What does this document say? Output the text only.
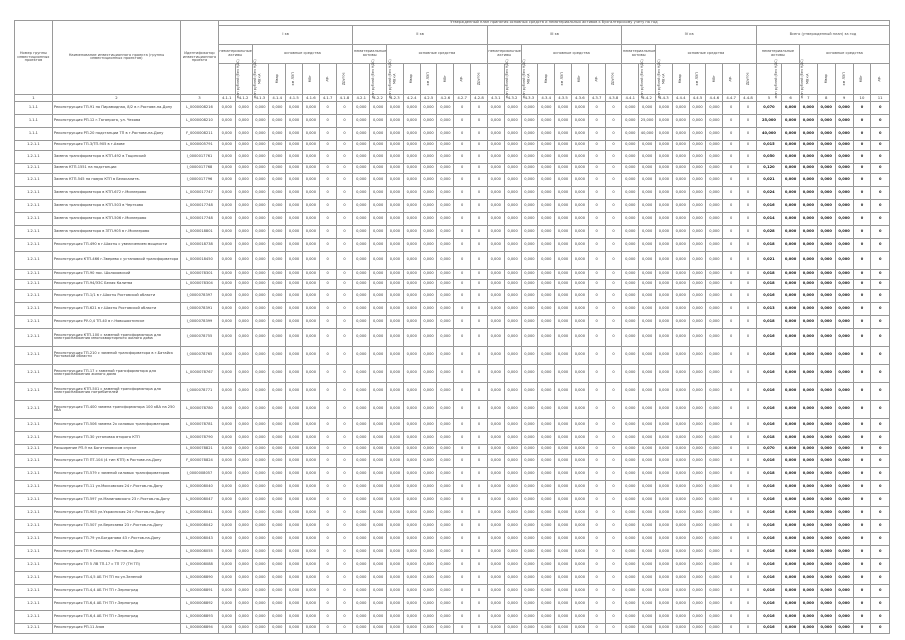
Номер группы инвестиционных проектов	Наименование инвестиционного проекта (группы инвестиционных проектов)	Идентификатор инвестиционного проекта	Утвержденный план принятия основных средств и нематериальных активов к бухгалтерскому учету на год																																						
			I кв								II кв								III кв								IV кв								Всего (утвержденный план) за год						
			нематериальные активы		основные средства						нематериальные активы		основные средства						нематериальные активы		основные средства						нематериальные активы		основные средства						нематериальные активы		основные средства				
			млн рублей (без НДС)	млн рублей (без НДС)	МВ×А	Мвар	км ЛЭП	МВт	др.	Другое	млн рублей (без НДС)	млн рублей (без НДС)	МВ×А	Мвар	км ЛЭП	МВт	др.	Другое	млн рублей (без НДС)	млн рублей (без НДС)	МВ×А	Мвар	км ЛЭП	МВт	др.	Другое	млн рублей (без НДС)	млн рублей (без НДС)	МВ×А	Мвар	км ЛЭП	МВт	др.	Другое	млн рублей (без НДС)	млн рублей (без НДС)	МВ×А	Мвар	км ЛЭП	МВт	др.
1	2	3	4.1.1	4.1.2	4.1.3	4.1.4	4.1.5	4.1.6	4.1.7	4.1.8	4.2.1	4.2.2	4.2.3	4.2.4	4.2.5	4.2.6	4.2.7	4.2.8	4.3.1	4.3.2	4.3.3	4.3.4	4.3.5	4.3.6	4.3.7	4.3.8	4.4.1	4.4.2	4.4.3	4.4.4	4.4.5	4.4.6	4.4.7	4.4.8	5	6	7	8	9	10	11
1.1.1	Реконструкция ТП-91 по Пирамидная, 8/2 в г.Ростове-на-Дону	L_0000008216	0,000	0,000	0,000	0,000	0,000	0,000	0	0	0,000	0,000	0,000	0,000	0,000	0,000	0	0	0,000	0,000	0,000	0,000	0,000	0,000	0	0	0,000	0,000	0,000	0,000	0,000	0,000	0	0	0,070	0,000	0,000	0,000	0,000	0	0
1.1.1	Реконструкция РП-12 г.Таганрогa, ул. Чехова	L_0000008210	0,000	0,000	0,000	0,000	0,000	0,000	0	0	0,000	0,000	0,000	0,000	0,000	0,000	0	0	0,000	0,000	0,000	0,000	0,000	0,000	0	0	0,000	25,000	0,000	0,000	0,000	0,000	0	0	25,000	0,000	0,000	0,000	0,000	0	0
1.1.1	Реконструкция РП-20 подстанции ТП в г.Ростове-на-Дону	F_0000008211	0,000	0,000	0,000	0,000	0,000	0,000	0	0	0,000	0,000	0,000	0,000	0,000	0,000	0	0	0,000	0,000	0,000	0,000	0,000	0,000	0	0	0,000	40,000	0,000	0,000	0,000	0,000	0	0	40,000	0,000	0,000	0,000	0,000	0	0
1.2.1.1	Реконструкция ТП-3/ТП-905 в г.Азове	L_0000005791	0,000	0,000	0,000	0,000	0,000	0,000	0	0	0,000	0,000	0,000	0,000	0,000	0,000	0	0	0,000	0,000	0,000	0,000	0,000	0,000	0	0	0,000	0,000	0,000	0,000	0,000	0,000	0	0	0,015	0,000	0,000	0,000	0,000	0	0
1.2.1.1	Замена трансформатора в КТП-492 в Тацинский	I_0000017761	0,000	0,000	0,000	0,000	0,000	0,000	0	0	0,000	0,000	0,000	0,000	0,000	0,000	0	0	0,000	0,000	0,000	0,000	0,000	0,000	0	0	0,000	0,000	0,000	0,000	0,000	0,000	0	0	0,050	0,000	0,000	0,000	0,000	0	0
1.2.1.1	Замена КТП-1551 на подстанции	I_0000017768	0,000	0,000	0,000	0,000	0,000	0,000	0	0	0,000	0,000	0,000	0,000	0,000	0,000	0	0	0,000	0,000	0,000	0,000	0,000	0,000	0	0	0,000	0,000	0,000	0,000	0,000	0,000	0	0	0,120	0,000	0,000	0,000	0,000	0	0
1.2.1.1	Замена КТП-545 на новую КТП в Белокалитв.	I_0000017796	0,000	0,000	0,000	0,000	0,000	0,000	0	0	0,000	0,000	0,000	0,000	0,000	0,000	0	0	0,000	0,000	0,000	0,000	0,000	0,000	0	0	0,000	0,000	0,000	0,000	0,000	0,000	0	0	0,021	0,000	0,000	0,000	0,000	0	0
1.2.1.1	Замена трансформатора в КТП-672 г.Миллерово	L_0000017747	0,000	0,000	0,000	0,000	0,000	0,000	0	0	0,000	0,000	0,000	0,000	0,000	0,000	0	0	0,000	0,000	0,000	0,000	0,000	0,000	0	0	0,000	0,000	0,000	0,000	0,000	0,000	0	0	0,024	0,000	0,000	0,000	0,000	0	0
1.2.1.1	Замена трансформатора в КТП-503 в Чертково	L_0000017748	0,000	0,000	0,000	0,000	0,000	0,000	0	0	0,000	0,000	0,000	0,000	0,000	0,000	0	0	0,000	0,000	0,000	0,000	0,000	0,000	0	0	0,000	0,000	0,000	0,000	0,000	0,000	0	0	0,016	0,000	0,000	0,000	0,000	0	0
1.2.1.1	Замена трансформатора в КТП-506 г.Миллерово	L_0000017748	0,000	0,000	0,000	0,000	0,000	0,000	0	0	0,000	0,000	0,000	0,000	0,000	0,000	0	0	0,000	0,000	0,000	0,000	0,000	0,000	0	0	0,000	0,000	0,000	0,000	0,000	0,000	0	0	0,014	0,000	0,000	0,000	0,000	0	0
1.2.1.1	Замена трансформатора в ЗТП-905 в г.Миллерово	L_0000018801	0,000	0,000	0,000	0,000	0,000	0,000	0	0	0,000	0,000	0,000	0,000	0,000	0,000	0	0	0,000	0,000	0,000	0,000	0,000	0,000	0	0	0,000	0,000	0,000	0,000	0,000	0,000	0	0	0,028	0,000	0,000	0,000	0,000	0	0
1.2.1.1	Реконструкция ТП-490 в г.Шахты с увеличением мощности	L_0000018738	0,000	0,000	0,000	0,000	0,000	0,000	0	0	0,000	0,000	0,000	0,000	0,000	0,000	0	0	0,000	0,000	0,000	0,000	0,000	0,000	0	0	0,000	0,000	0,000	0,000	0,000	0,000	0	0	0,018	0,000	0,000	0,000	0,000	0	0
1.2.1.1	Реконструкция КТП-466 г.Зверево с установкой трансформатора	L_0000018450	0,000	0,000	0,000	0,000	0,000	0,000	0	0	0,000	0,000	0,000	0,000	0,000	0,000	0	0	0,000	0,000	0,000	0,000	0,000	0,000	0	0	0,000	0,000	0,000	0,000	0,000	0,000	0	0	0,021	0,000	0,000	0,000	0,000	0	0
1.2.1.1	Реконструкция ТП-90 пос. Шолоховский	L_0000078301	0,000	0,000	0,000	0,000	0,000	0,000	0	0	0,000	0,000	0,000	0,000	0,000	0,000	0	0	0,000	0,000	0,000	0,000	0,000	0,000	0	0	0,000	0,000	0,000	0,000	0,000	0,000	0	0	0,018	0,000	0,000	0,000	0,000	0	0
1.2.1.1	Реконструкция ТП-94/ЭЗС Белая Калитва	L_0000078304	0,000	0,000	0,000	0,000	0,000	0,000	0	0	0,000	0,000	0,000	0,000	0,000	0,000	0	0	0,000	0,000	0,000	0,000	0,000	0,000	0	0	0,000	0,000	0,000	0,000	0,000	0,000	0	0	0,018	0,000	0,000	0,000	0,000	0	0
1.2.1.1	Реконструкция ТП-1/1 в г.Шахты Ростовской области	I_0000078397	0,000	0,000	0,000	0,000	0,000	0,000	0	0	0,000	0,000	0,000	0,000	0,000	0,000	0	0	0,000	0,000	0,000	0,000	0,000	0,000	0	0	0,000	0,000	0,000	0,000	0,000	0,000	0	0	0,016	0,000	0,000	0,000	0,000	0	0
1.2.1.1	Реконструкция ТП-621 в г.Шахты Ростовской области	I_0000078391	0,000	0,000	0,000	0,000	0,000	0,000	0	0	0,000	0,000	0,000	0,000	0,000	0,000	0	0	0,000	0,000	0,000	0,000	0,000	0,000	0	0	0,000	0,000	0,000	0,000	0,000	0,000	0	0	0,013	0,000	0,000	0,000	0,000	0	0
1.2.1.1	Реконструкция РУ-0,4 ТП-40 в г.Новошахтинске	I_0000078399	0,000	0,000	0,000	0,000	0,000	0,000	0	0	0,000	0,000	0,000	0,000	0,000	0,000	0	0	0,000	0,000	0,000	0,000	0,000	0,000	0	0	0,000	0,000	0,000	0,000	0,000	0,000	0	0	0,018	0,000	0,000	0,000	0,000	0	0
1.2.1.1	Реконструкция КТП-100 с заменой трансформатора для электроснабжения многоквартирного жилого дома	I_0000078755	0,000	0,000	0,000	0,000	0,000	0,000	0	0	0,000	0,000	0,000	0,000	0,000	0,000	0	0	0,000	0,000	0,000	0,000	0,000	0,000	0	0	0,000	0,000	0,000	0,000	0,000	0,000	0	0	0,016	0,000	0,000	0,000	0,000	0	0
1.2.1.1	Реконструкция ТП-210 с заменой трансформатора в г.Батайск Ростовской области	I_0000078765	0,000	0,000	0,000	0,000	0,000	0,000	0	0	0,000	0,000	0,000	0,000	0,000	0,000	0	0	0,000	0,000	0,000	0,000	0,000	0,000	0	0	0,000	0,000	0,000	0,000	0,000	0,000	0	0	0,016	0,000	0,000	0,000	0,000	0	0
1.2.1.1	Реконструкция ТП-17 с заменой трансформатора для электроснабжения жилого дома	L_0000078767	0,000	0,000	0,000	0,000	0,000	0,000	0	0	0,000	0,000	0,000	0,000	0,000	0,000	0	0	0,000	0,000	0,000	0,000	0,000	0,000	0	0	0,000	0,000	0,000	0,000	0,000	0,000	0	0	0,016	0,000	0,000	0,000	0,000	0	0
1.2.1.1	Реконструкция КТП-501 с заменой трансформатора для электроснабжения потребителей	I_0000078771	0,000	0,000	0,000	0,000	0,000	0,000	0	0	0,000	0,000	0,000	0,000	0,000	0,000	0	0	0,000	0,000	0,000	0,000	0,000	0,000	0	0	0,000	0,000	0,000	0,000	0,000	0,000	0	0	0,016	0,000	0,000	0,000	0,000	0	0
1.2.1.1	Реконструкция ТП-400 замена трансформатора 100 кВА на 250 кВА	L_0000078780	0,000	0,000	0,000	0,000	0,000	0,000	0	0	0,000	0,000	0,000	0,000	0,000	0,000	0	0	0,000	0,000	0,000	0,000	0,000	0,000	0	0	0,000	0,000	0,000	0,000	0,000	0,000	0	0	0,016	0,000	0,000	0,000	0,000	0	0
1.2.1.1	Реконструкция ТП-506 замена 2х силовых трансформаторов	L_0000078781	0,000	0,000	0,000	0,000	0,000	0,000	0	0	0,000	0,000	0,000	0,000	0,000	0,000	0	0	0,000	0,000	0,000	0,000	0,000	0,000	0	0	0,000	0,000	0,000	0,000	0,000	0,000	0	0	0,016	0,000	0,000	0,000	0,000	0	0
1.2.1.1	Реконструкция ТП-30 установка второго КТП	L_0000078790	0,000	0,000	0,000	0,000	0,000	0,000	0	0	0,000	0,000	0,000	0,000	0,000	0,000	0	0	0,000	0,000	0,000	0,000	0,000	0,000	0	0	0,000	0,000	0,000	0,000	0,000	0,000	0	0	0,018	0,000	0,000	0,000	0,000	0	0
1.2.1.1	Расширение РП-9 на Богатяновском спуске	L_0000078821	0,000	0,000	0,000	0,000	0,000	0,000	0	0	0,000	0,000	0,000	0,000	0,000	0,000	0	0	0,000	0,000	0,000	0,000	0,000	0,000	0	0	0,000	0,000	0,000	0,000	0,000	0,000	0	0	0,070	0,000	0,000	0,000	0,000	0	0
1.2.1.1	Реконструкция ТП ПТ-104 (4 тип КТП) в Ростове-на-Дону	F_0000078824	0,000	0,000	0,000	0,000	0,000	0,000	0	0	0,000	0,000	0,000	0,000	0,000	0,000	0	0	0,000	0,000	0,000	0,000	0,000	0,000	0	0	0,000	0,000	0,000	0,000	0,000	0,000	0	0	0,016	0,000	0,000	0,000	0,000	0	0
1.2.1.1	Реконструкция ТП-579 с заменой силовых трансформаторов	I_0000008057	0,000	0,000	0,000	0,000	0,000	0,000	0	0	0,000	0,000	0,000	0,000	0,000	0,000	0	0	0,000	0,000	0,000	0,000	0,000	0,000	0	0	0,000	0,000	0,000	0,000	0,000	0,000	0	0	0,018	0,000	0,000	0,000	0,000	0	0
1.2.1.1	Реконструкция ТП-11 ул.Московская 24 г.Ростов-на-Дону	L_0000008040	0,000	0,000	0,000	0,000	0,000	0,000	0	0	0,000	0,000	0,000	0,000	0,000	0,000	0	0	0,000	0,000	0,000	0,000	0,000	0,000	0	0	0,000	0,000	0,000	0,000	0,000	0,000	0	0	0,016	0,000	0,000	0,000	0,000	0	0
1.2.1.1	Реконструкция ТП-597 ул.Малиновского 23 г.Ростов-на-Дону	L_0000008047	0,000	0,000	0,000	0,000	0,000	0,000	0	0	0,000	0,000	0,000	0,000	0,000	0,000	0	0	0,000	0,000	0,000	0,000	0,000	0,000	0	0	0,000	0,000	0,000	0,000	0,000	0,000	0	0	0,016	0,000	0,000	0,000	0,000	0	0
1.2.1.1	Реконструкция ТП-903 ул.Украинская 24 г.Ростов-на-Дону	L_0000008041	0,000	0,000	0,000	0,000	0,000	0,000	0	0	0,000	0,000	0,000	0,000	0,000	0,000	0	0	0,000	0,000	0,000	0,000	0,000	0,000	0	0	0,000	0,000	0,000	0,000	0,000	0,000	0	0	0,016	0,000	0,000	0,000	0,000	0	0
1.2.1.1	Реконструкция ТП-507 ул.Вересаева 23 г.Ростов-на-Дону	L_0000008042	0,000	0,000	0,000	0,000	0,000	0,000	0	0	0,000	0,000	0,000	0,000	0,000	0,000	0	0	0,000	0,000	0,000	0,000	0,000	0,000	0	0	0,000	0,000	0,000	0,000	0,000	0,000	0	0	0,016	0,000	0,000	0,000	0,000	0	0
1.2.1.1	Реконструкция ТП-79 ул.Богданова 43 г.Ростов-на-Дону	L_0000008043	0,000	0,000	0,000	0,000	0,000	0,000	0	0	0,000	0,000	0,000	0,000	0,000	0,000	0	0	0,000	0,000	0,000	0,000	0,000	0,000	0	0	0,000	0,000	0,000	0,000	0,000	0,000	0	0	0,016	0,000	0,000	0,000	0,000	0	0
1.2.1.1	Реконструкция ТП 9 Сельмаш г.Ростов-на-Дону	L_0000008055	0,000	0,000	0,000	0,000	0,000	0,000	0	0	0,000	0,000	0,000	0,000	0,000	0,000	0	0	0,000	0,000	0,000	0,000	0,000	0,000	0	0	0,000	0,000	0,000	0,000	0,000	0,000	0	0	0,016	0,000	0,000	0,000	0,000	0	0
1.2.1.1	Реконструкция ТП 5 ЛВ ТП-17 с ТП 77 (ТН ТП)	L_0000008088	0,000	0,000	0,000	0,000	0,000	0,000	0	0	0,000	0,000	0,000	0,000	0,000	0,000	0	0	0,000	0,000	0,000	0,000	0,000	0,000	0	0	0,000	0,000	0,000	0,000	0,000	0,000	0	0	0,016	0,000	0,000	0,000	0,000	0	0
1.2.1.1	Реконструкция ТП-4,5 АБ ТН ТП по ул.Зеленой	L_0000008890	0,000	0,000	0,000	0,000	0,000	0,000	0	0	0,000	0,000	0,000	0,000	0,000	0,000	0	0	0,000	0,000	0,000	0,000	0,000	0,000	0	0	0,000	0,000	0,000	0,000	0,000	0,000	0	0	0,016	0,000	0,000	0,000	0,000	0	0
1.2.1.1	Реконструкция ТП-4,4 АБ ТН ТП г.Зерноград	L_0000008891	0,000	0,000	0,000	0,000	0,000	0,000	0	0	0,000	0,000	0,000	0,000	0,000	0,000	0	0	0,000	0,000	0,000	0,000	0,000	0,000	0	0	0,000	0,000	0,000	0,000	0,000	0,000	0	0	0,016	0,000	0,000	0,000	0,000	0	0
1.2.1.1	Реконструкция ТП-6,4 АБ ТН ТП г.Зерноград	L_0000008892	0,000	0,000	0,000	0,000	0,000	0,000	0	0	0,000	0,000	0,000	0,000	0,000	0,000	0	0	0,000	0,000	0,000	0,000	0,000	0,000	0	0	0,000	0,000	0,000	0,000	0,000	0,000	0	0	0,016	0,000	0,000	0,000	0,000	0	0
1.2.1.1	Реконструкция ТП-6,4 АБ ТН ТП г.Зерноград	L_0000008893	0,000	0,000	0,000	0,000	0,000	0,000	0	0	0,000	0,000	0,000	0,000	0,000	0,000	0	0	0,000	0,000	0,000	0,000	0,000	0,000	0	0	0,000	0,000	0,000	0,000	0,000	0,000	0	0	0,016	0,000	0,000	0,000	0,000	0	0
1.2.1.1	Реконструкция РП-11 Азов	L_0000008894	0,000	0,000	0,000	0,000	0,000	0,000	0	0	0,000	0,000	0,000	0,000	0,000	0,000	0	0	0,000	0,000	0,000	0,000	0,000	0,000	0	0	0,000	0,000	0,000	0,000	0,000	0,000	0	0	0,016	0,000	0,000	0,000	0,000	0	0
